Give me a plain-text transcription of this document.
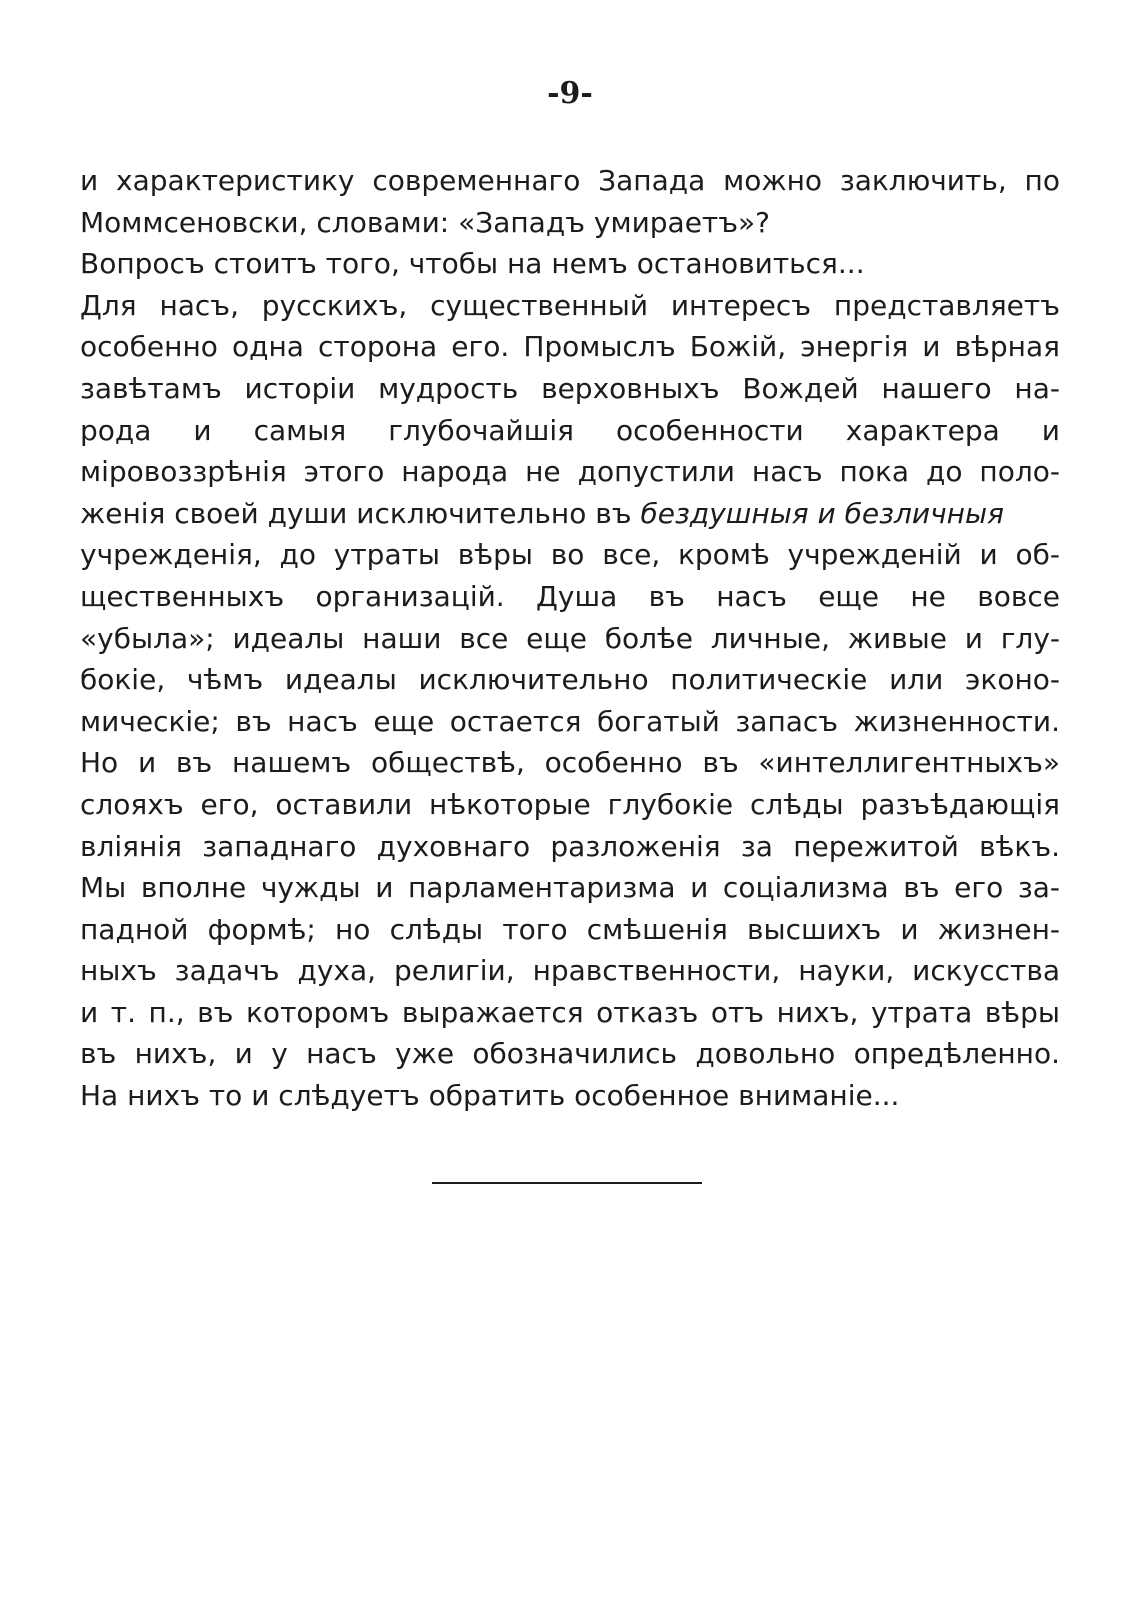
-9-
и характеристику современнаго Запада можно заключить, по
Моммсеновски, словами: «Западъ умираетъ»?
Вопросъ стоитъ того, чтобы на немъ остановиться...
Для насъ, русскихъ, существенный интересъ представляетъ
особенно одна сторона его. Промыслъ Божій, энергія и вѣрная
завѣтамъ исторіи мудрость верховныхъ Вождей нашего на-
рода и самыя глубочайшія особенности характера и
міровоззрѣнія этого народа не допустили насъ пока до поло-
женія своей души исключительно въ бездушныя и безличныя
учрежденія, до утраты вѣры во все, кромѣ учрежденій и об-
щественныхъ организацій. Душа въ насъ еще не вовсе
«убыла»; идеалы наши все еще болѣе личные, живые и глу-
бокіе, чѣмъ идеалы исключительно политическіе или эконо-
мическіе; въ насъ еще остается богатый запасъ жизненности.
Но и въ нашемъ обществѣ, особенно въ «интеллигентныхъ»
слояхъ его, оставили нѣкоторые глубокіе слѣды разъѣдающія
вліянія западнаго духовнаго разложенія за пережитой вѣкъ.
Мы вполне чужды и парламентаризма и соціализма въ его за-
падной формѣ; но слѣды того смѣшенія высшихъ и жизнен-
ныхъ задачъ духа, религіи, нравственности, науки, искусства
и т. п., въ которомъ выражается отказъ отъ нихъ, утрата вѣры
въ нихъ, и у насъ уже обозначились довольно опредѣленно.
На нихъ то и слѣдуетъ обратить особенное вниманіе...
